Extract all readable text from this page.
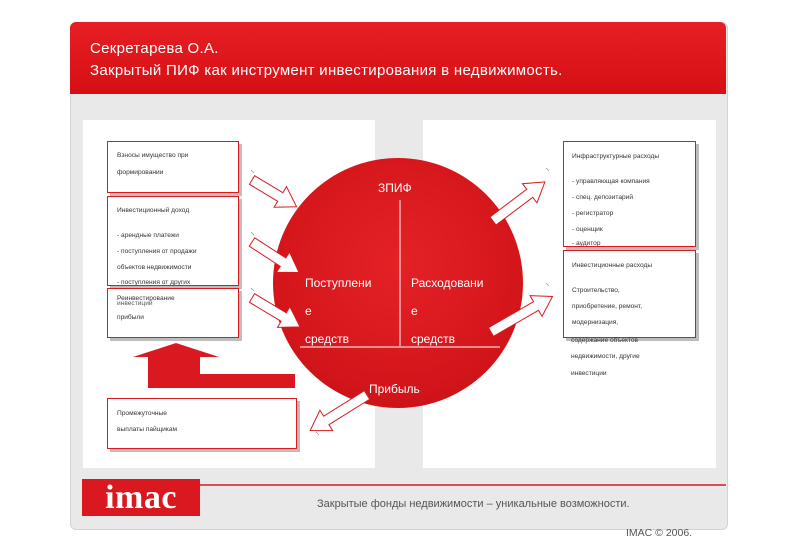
Секретарева О.А.
Закрытый ПИФ как инструмент инвестирования в недвижимость.
ЗПИФ
Поступлени
е
средств
Расходовани
е
средств
Прибыль
Взносы имущество при
формировании
Инвестиционный доход
- арендные платежи
- поступления от продажи
объектов недвижимости
- поступления от других
Реинвестирование
инвестиций
прибыли
Промежуточные
выплаты пайщикам
Инфраструктурные расходы
- управляющая компания
- спец. депозитарий
- регистратор
- оценщик
- аудитор
Инвестиционные расходы
Строительство,
приобретение, ремонт,
модернизация,
содержание объектов
недвижимости, другие
инвестиции
imac	Закрытые фонды недвижимости – уникальные возможности.
IMAC © 2006.
